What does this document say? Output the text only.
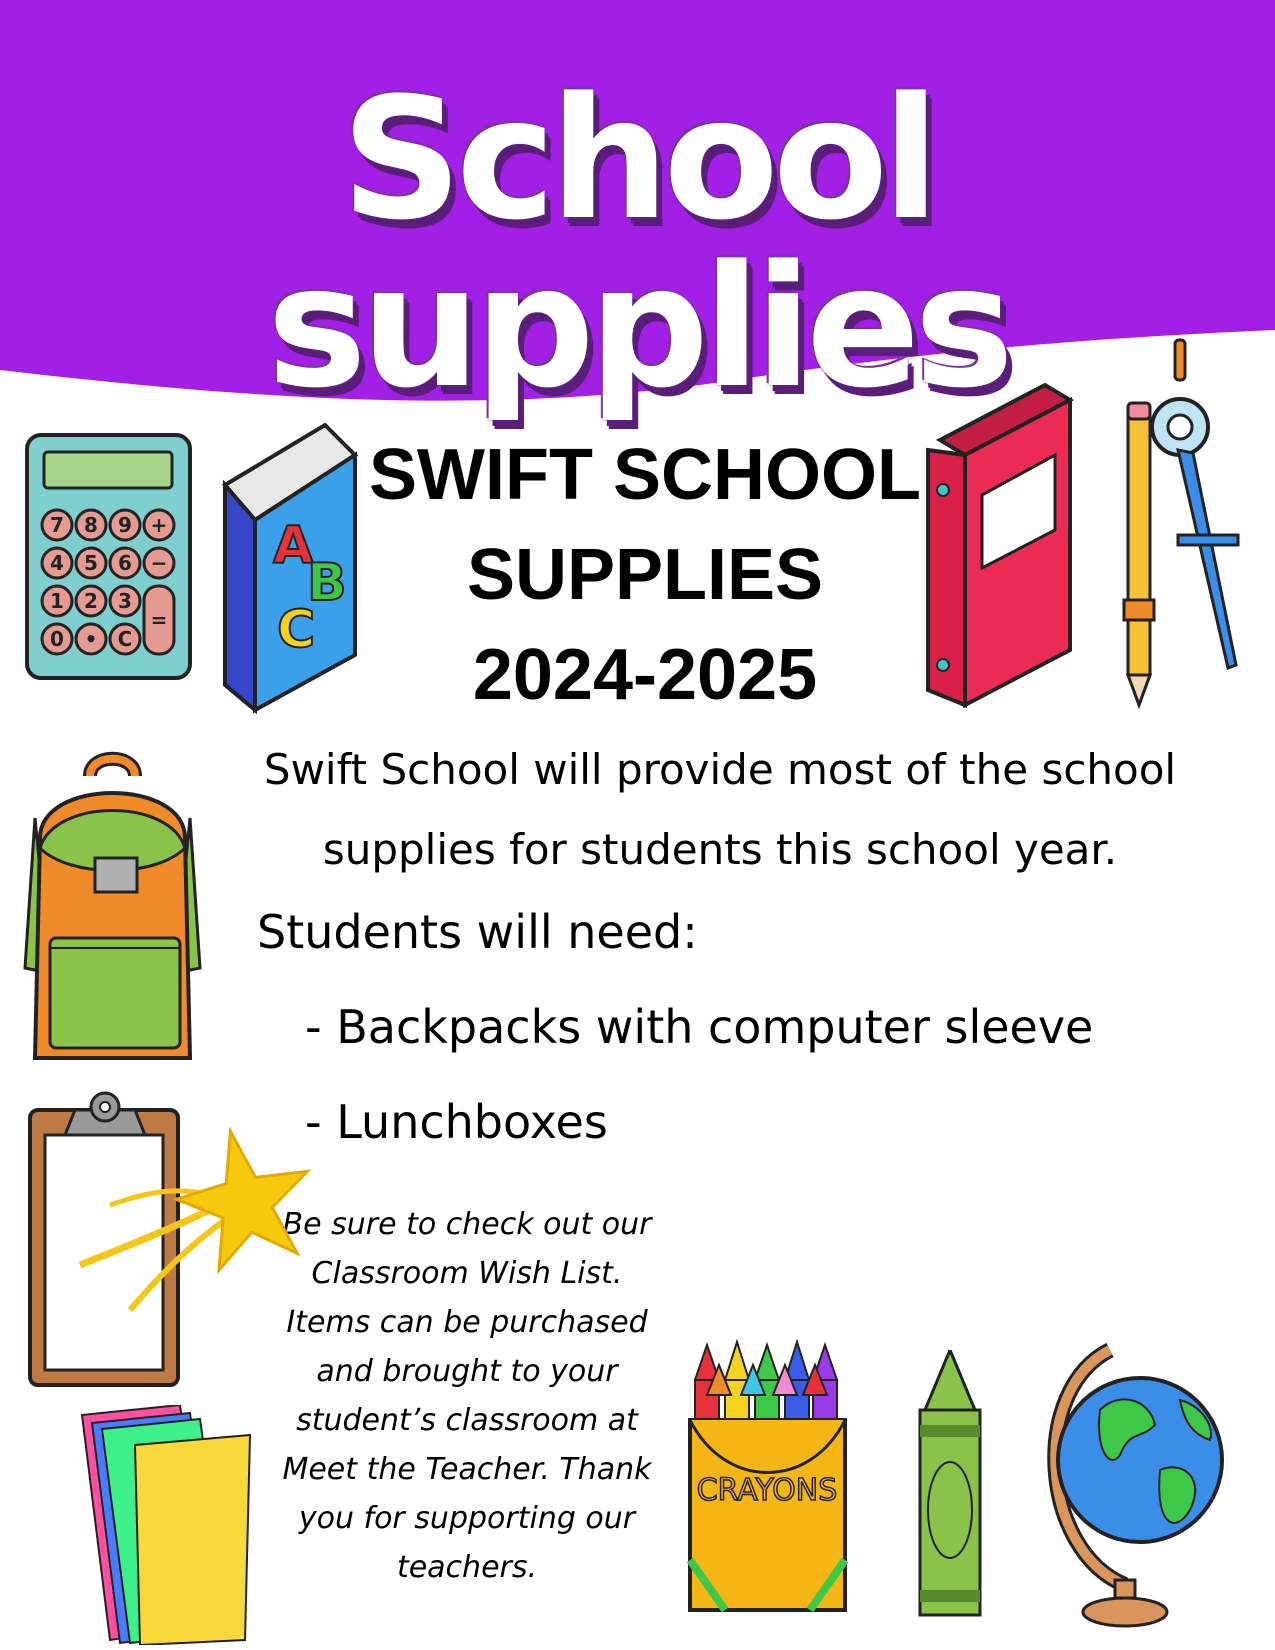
School supplies
SWIFT SCHOOL
SUPPLIES
2024-2025
Swift School will provide most of the school
supplies for students this school year.
Students will need:
- Backpacks with computer sleeve
- Lunchboxes
Be sure to check out our
Classroom Wish List.
Items can be purchased
and brought to your
student’s classroom at
Meet the Teacher. Thank
you for supporting our
teachers.
7 8 9 +
4 5 6 −
1 2 3
0 • C
=
A
B
C
CRAYONS
